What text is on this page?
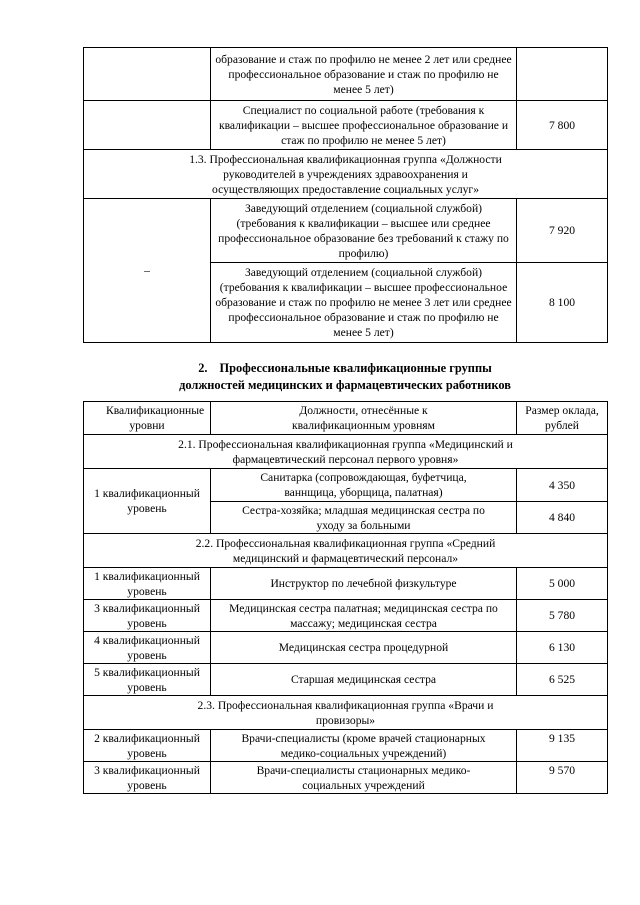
	образование и стаж по профилю не менее 2 лет или среднее профессиональное образование и стаж по профилю не менее 5 лет)	
	Специалист по социальной работе (требования к квалификации – высшее профессиональное образование и стаж по профилю не менее 5 лет)	7 800
1.3. Профессиональная квалификационная группа «Должности руководителей в учреждениях здравоохранения и осуществляющих предоставление социальных услуг»		
–	Заведующий отделением (социальной службой) (требования к квалификации – высшее или среднее профессиональное образование без требований к стажу по профилю)	7 920
	Заведующий отделением (социальной службой) (требования к квалификации – высшее профессиональное образование и стаж по профилю не менее 3 лет или среднее профессиональное образование и стаж по профилю не менее 5 лет)	8 100
2. Профессиональные квалификационные группы
должностей медицинских и фармацевтических работников
Квалификационные уровни	Должности, отнесённые к квалификационным уровням	Размер оклада, рублей
2.1. Профессиональная квалификационная группа «Медицинский и фармацевтический персонал первого уровня»		
1 квалификационный уровень	Санитарка (сопровождающая, буфетчица, ваннщица, уборщица, палатная)	4 350
	Сестра-хозяйка; младшая медицинская сестра по уходу за больными	4 840
2.2. Профессиональная квалификационная группа «Средний медицинский и фармацевтический персонал»		
1 квалификационный уровень	Инструктор по лечебной физкультуре	5 000
3 квалификационный уровень	Медицинская сестра палатная; медицинская сестра по массажу; медицинская сестра	5 780
4 квалификационный уровень	Медицинская сестра процедурной	6 130
5 квалификационный уровень	Старшая медицинская сестра	6 525
2.3. Профессиональная квалификационная группа «Врачи и провизоры»		
2 квалификационный уровень	Врачи-специалисты (кроме врачей стационарных медико-социальных учреждений)	9 135
3 квалификационный уровень	Врачи-специалисты стационарных медико-социальных учреждений	9 570
